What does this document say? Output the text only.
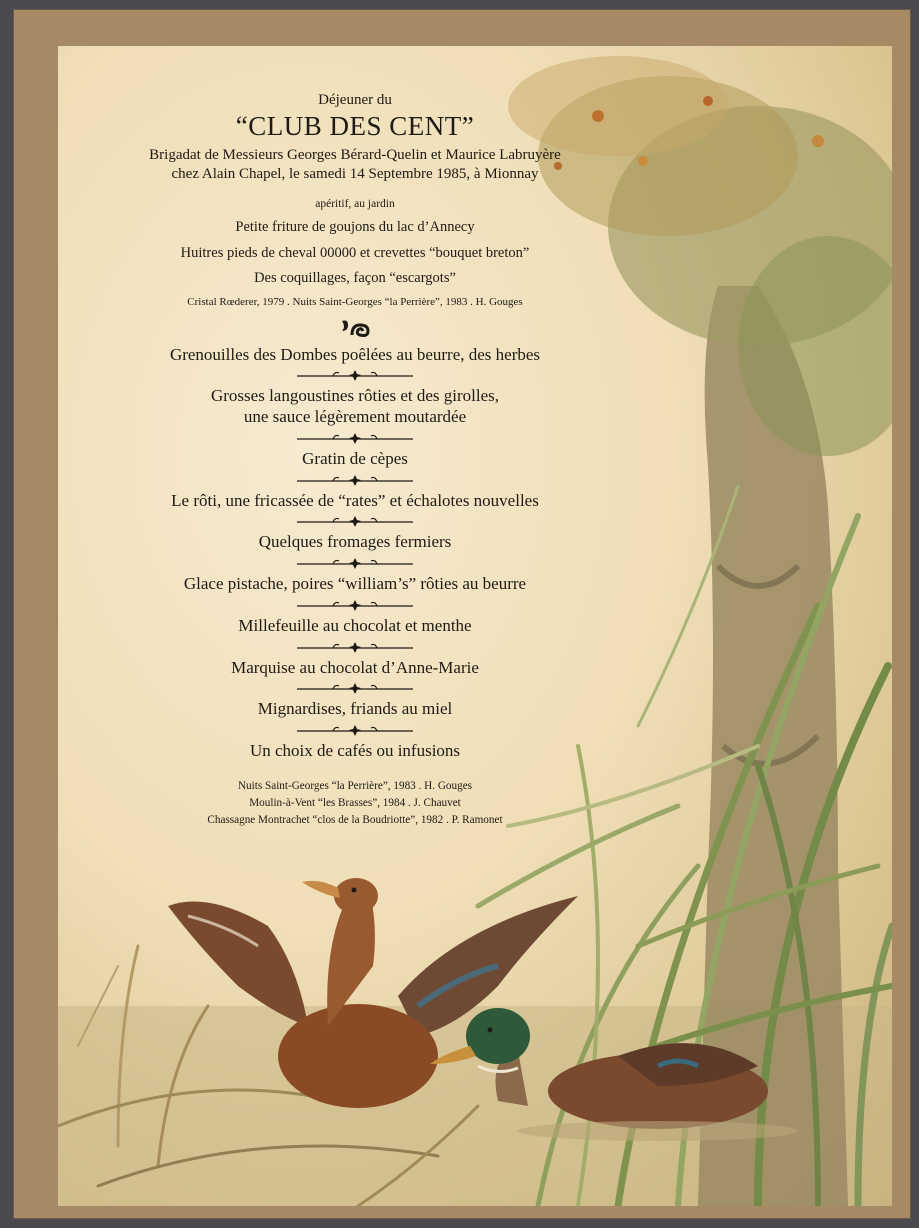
Déjeuner du

“CLUB DES CENT”

Brigadat de Messieurs Georges Bérard-Quelin et Maurice Labruyère

chez Alain Chapel, le samedi 14 Septembre 1985, à Mionnay

apéritif, au jardin

Petite friture de goujons du lac d’Annecy

Huitres pieds de cheval 00000 et crevettes “bouquet breton”

Des coquillages, façon “escargots”

Cristal Rœderer, 1979 . Nuits Saint-Georges “la Perrière”, 1983 . H. Gouges

Grenouilles des Dombes poêlées au beurre, des herbes

Grosses langoustines rôties et des girolles,

une sauce légèrement moutardée

Gratin de cèpes

Le rôti, une fricassée de “rates” et échalotes nouvelles

Quelques fromages fermiers

Glace pistache, poires “william’s” rôties au beurre

Millefeuille au chocolat et menthe

Marquise au chocolat d’Anne-Marie

Mignardises, friands au miel

Un choix de cafés ou infusions

Nuits Saint-Georges “la Perrière”, 1983 . H. Gouges

Moulin-à-Vent “les Brasses”, 1984 . J. Chauvet

Chassagne Montrachet “clos de la Boudriotte”, 1982 . P. Ramonet
